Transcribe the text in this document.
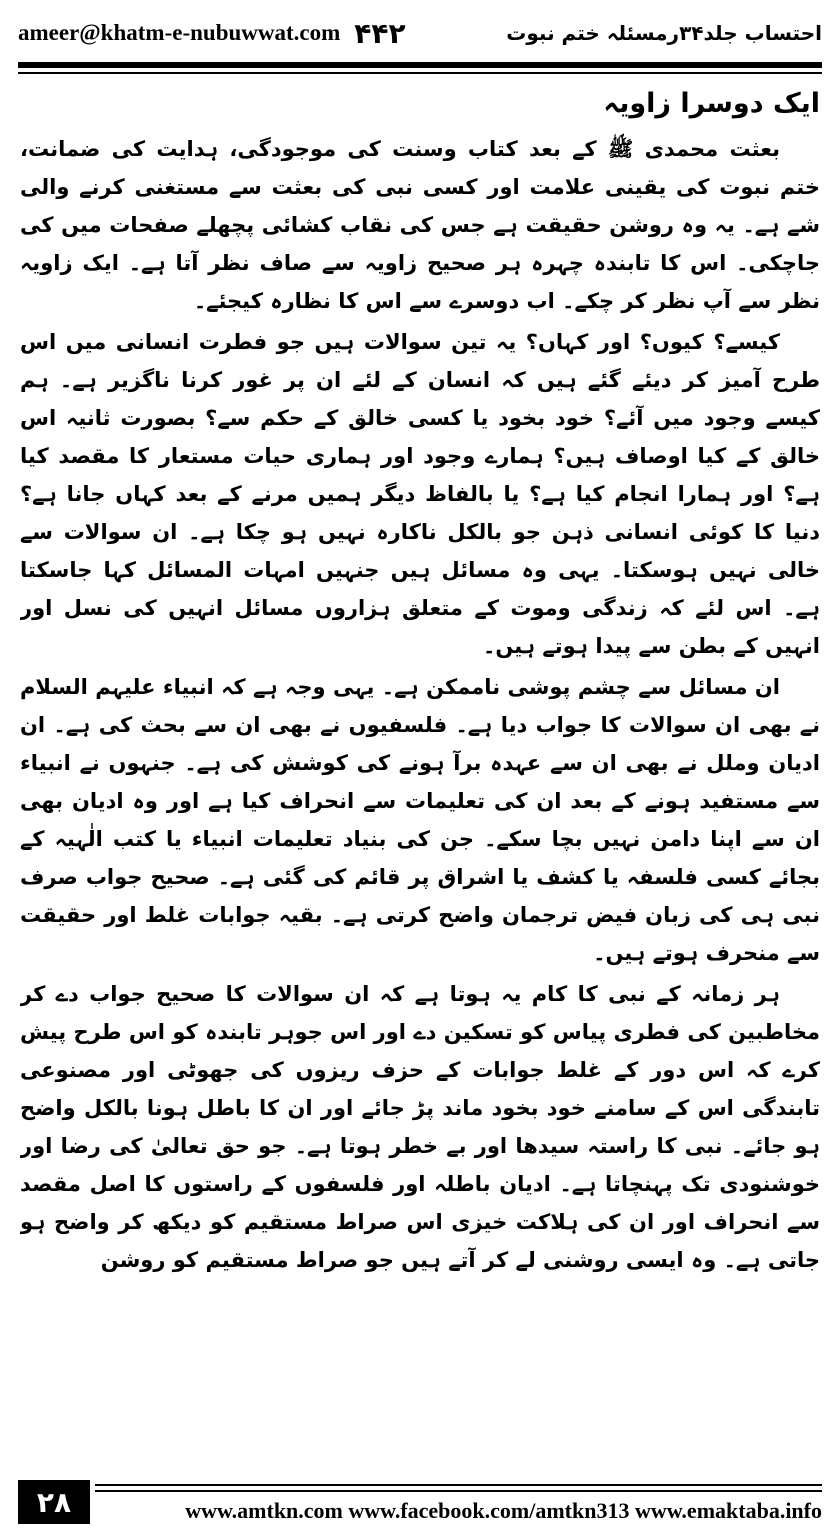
ameer@khatm-e-nubuwwat.com ۴۴۲	احتساب جلد۳۴رمسئلہ ختم نبوت
ایک دوسرا زاویہ

بعثت محمدی ﷺ کے بعد کتاب وسنت کی موجودگی، ہدایت کی ضمانت، ختم نبوت کی یقینی علامت اور کسی نبی کی بعثت سے مستغنی کرنے والی شے ہے۔ یہ وہ روشن حقیقت ہے جس کی نقاب کشائی پچھلے صفحات میں کی جاچکی۔ اس کا تابندہ چہرہ ہر صحیح زاویہ سے صاف نظر آتا ہے۔ ایک زاویہ نظر سے آپ نظر کر چکے۔ اب دوسرے سے اس کا نظارہ کیجئے۔

کیسے؟ کیوں؟ اور کہاں؟ یہ تین سوالات ہیں جو فطرت انسانی میں اس طرح آمیز کر دیئے گئے ہیں کہ انسان کے لئے ان پر غور کرنا ناگزیر ہے۔ ہم کیسے وجود میں آئے؟ خود بخود یا کسی خالق کے حکم سے؟ بصورت ثانیہ اس خالق کے کیا اوصاف ہیں؟ ہمارے وجود اور ہماری حیات مستعار کا مقصد کیا ہے؟ اور ہمارا انجام کیا ہے؟ یا بالفاظ دیگر ہمیں مرنے کے بعد کہاں جانا ہے؟ دنیا کا کوئی انسانی ذہن جو بالکل ناکارہ نہیں ہو چکا ہے۔ ان سوالات سے خالی نہیں ہوسکتا۔ یہی وہ مسائل ہیں جنہیں امہات المسائل کہا جاسکتا ہے۔ اس لئے کہ زندگی وموت کے متعلق ہزاروں مسائل انہیں کی نسل اور انہیں کے بطن سے پیدا ہوتے ہیں۔

ان مسائل سے چشم پوشی ناممکن ہے۔ یہی وجہ ہے کہ انبیاء علیہم السلام نے بھی ان سوالات کا جواب دیا ہے۔ فلسفیوں نے بھی ان سے بحث کی ہے۔ ان ادیان وملل نے بھی ان سے عہدہ برآ ہونے کی کوشش کی ہے۔ جنہوں نے انبیاء سے مستفید ہونے کے بعد ان کی تعلیمات سے انحراف کیا ہے اور وہ ادیان بھی ان سے اپنا دامن نہیں بچا سکے۔ جن کی بنیاد تعلیمات انبیاء یا کتب الٰہیہ کے بجائے کسی فلسفہ یا کشف یا اشراق پر قائم کی گئی ہے۔ صحیح جواب صرف نبی ہی کی زبان فیض ترجمان واضح کرتی ہے۔ بقیہ جوابات غلط اور حقیقت سے منحرف ہوتے ہیں۔

ہر زمانہ کے نبی کا کام یہ ہوتا ہے کہ ان سوالات کا صحیح جواب دے کر مخاطبین کی فطری پیاس کو تسکین دے اور اس جوہر تابندہ کو اس طرح پیش کرے کہ اس دور کے غلط جوابات کے حزف ریزوں کی جھوٹی اور مصنوعی تابندگی اس کے سامنے خود بخود ماند پڑ جائے اور ان کا باطل ہونا بالکل واضح ہو جائے۔ نبی کا راستہ سیدھا اور بے خطر ہوتا ہے۔ جو حق تعالیٰ کی رضا اور خوشنودی تک پہنچاتا ہے۔ ادیان باطلہ اور فلسفوں کے راستوں کا اصل مقصد سے انحراف اور ان کی ہلاکت خیزی اس صراط مستقیم کو دیکھ کر واضح ہو جاتی ہے۔ وہ ایسی روشنی لے کر آتے ہیں جو صراط مستقیم کو روشن

۲۸	www.amtkn.com www.facebook.com/amtkn313 www.emaktaba.info
